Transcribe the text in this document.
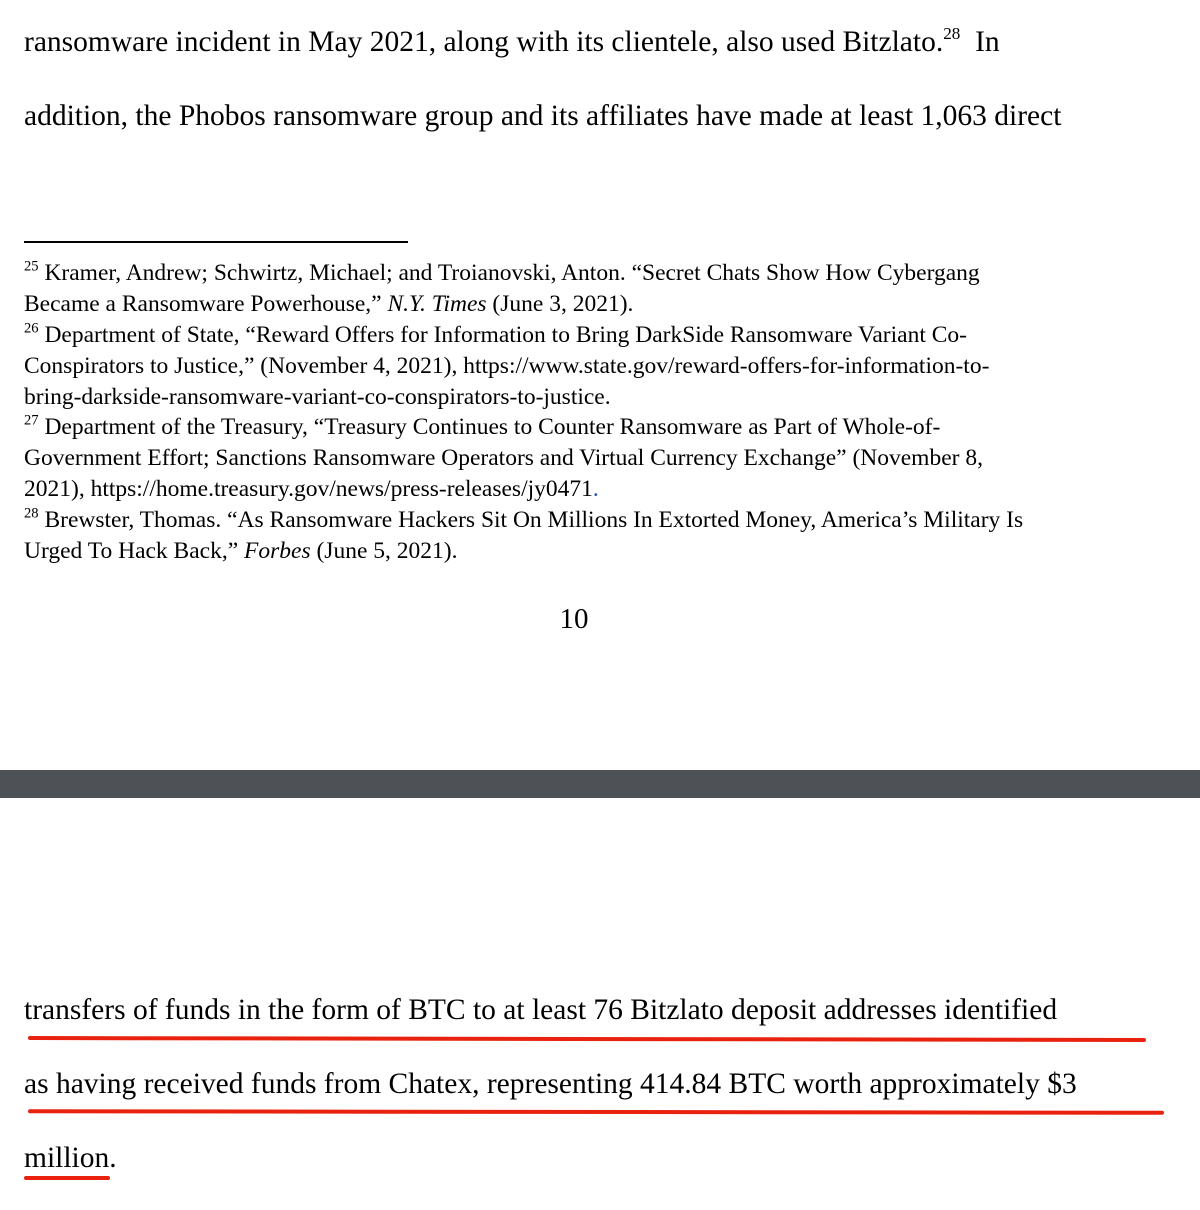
ransomware incident in May 2021, along with its clientele, also used Bitzlato.$^{28}$  In
addition, the Phobos ransomware group and its affiliates have made at least 1,063 direct
$^{25}$ Kramer, Andrew; Schwirtz, Michael; and Troianovski, Anton. “Secret Chats Show How Cybergang
Became a Ransomware Powerhouse,” N.Y. Times (June 3, 2021).
$^{26}$ Department of State, “Reward Offers for Information to Bring DarkSide Ransomware Variant Co-
Conspirators to Justice,” (November 4, 2021), https://www.state.gov/reward-offers-for-information-to-
bring-darkside-ransomware-variant-co-conspirators-to-justice.
$^{27}$ Department of the Treasury, “Treasury Continues to Counter Ransomware as Part of Whole-of-
Government Effort; Sanctions Ransomware Operators and Virtual Currency Exchange” (November 8,
2021), https://home.treasury.gov/news/press-releases/jy0471.
$^{28}$ Brewster, Thomas. “As Ransomware Hackers Sit On Millions In Extorted Money, America’s Military Is
Urged To Hack Back,” Forbes (June 5, 2021).
10
transfers of funds in the form of BTC to at least 76 Bitzlato deposit addresses identified
as having received funds from Chatex, representing 414.84 BTC worth approximately $3
million.
